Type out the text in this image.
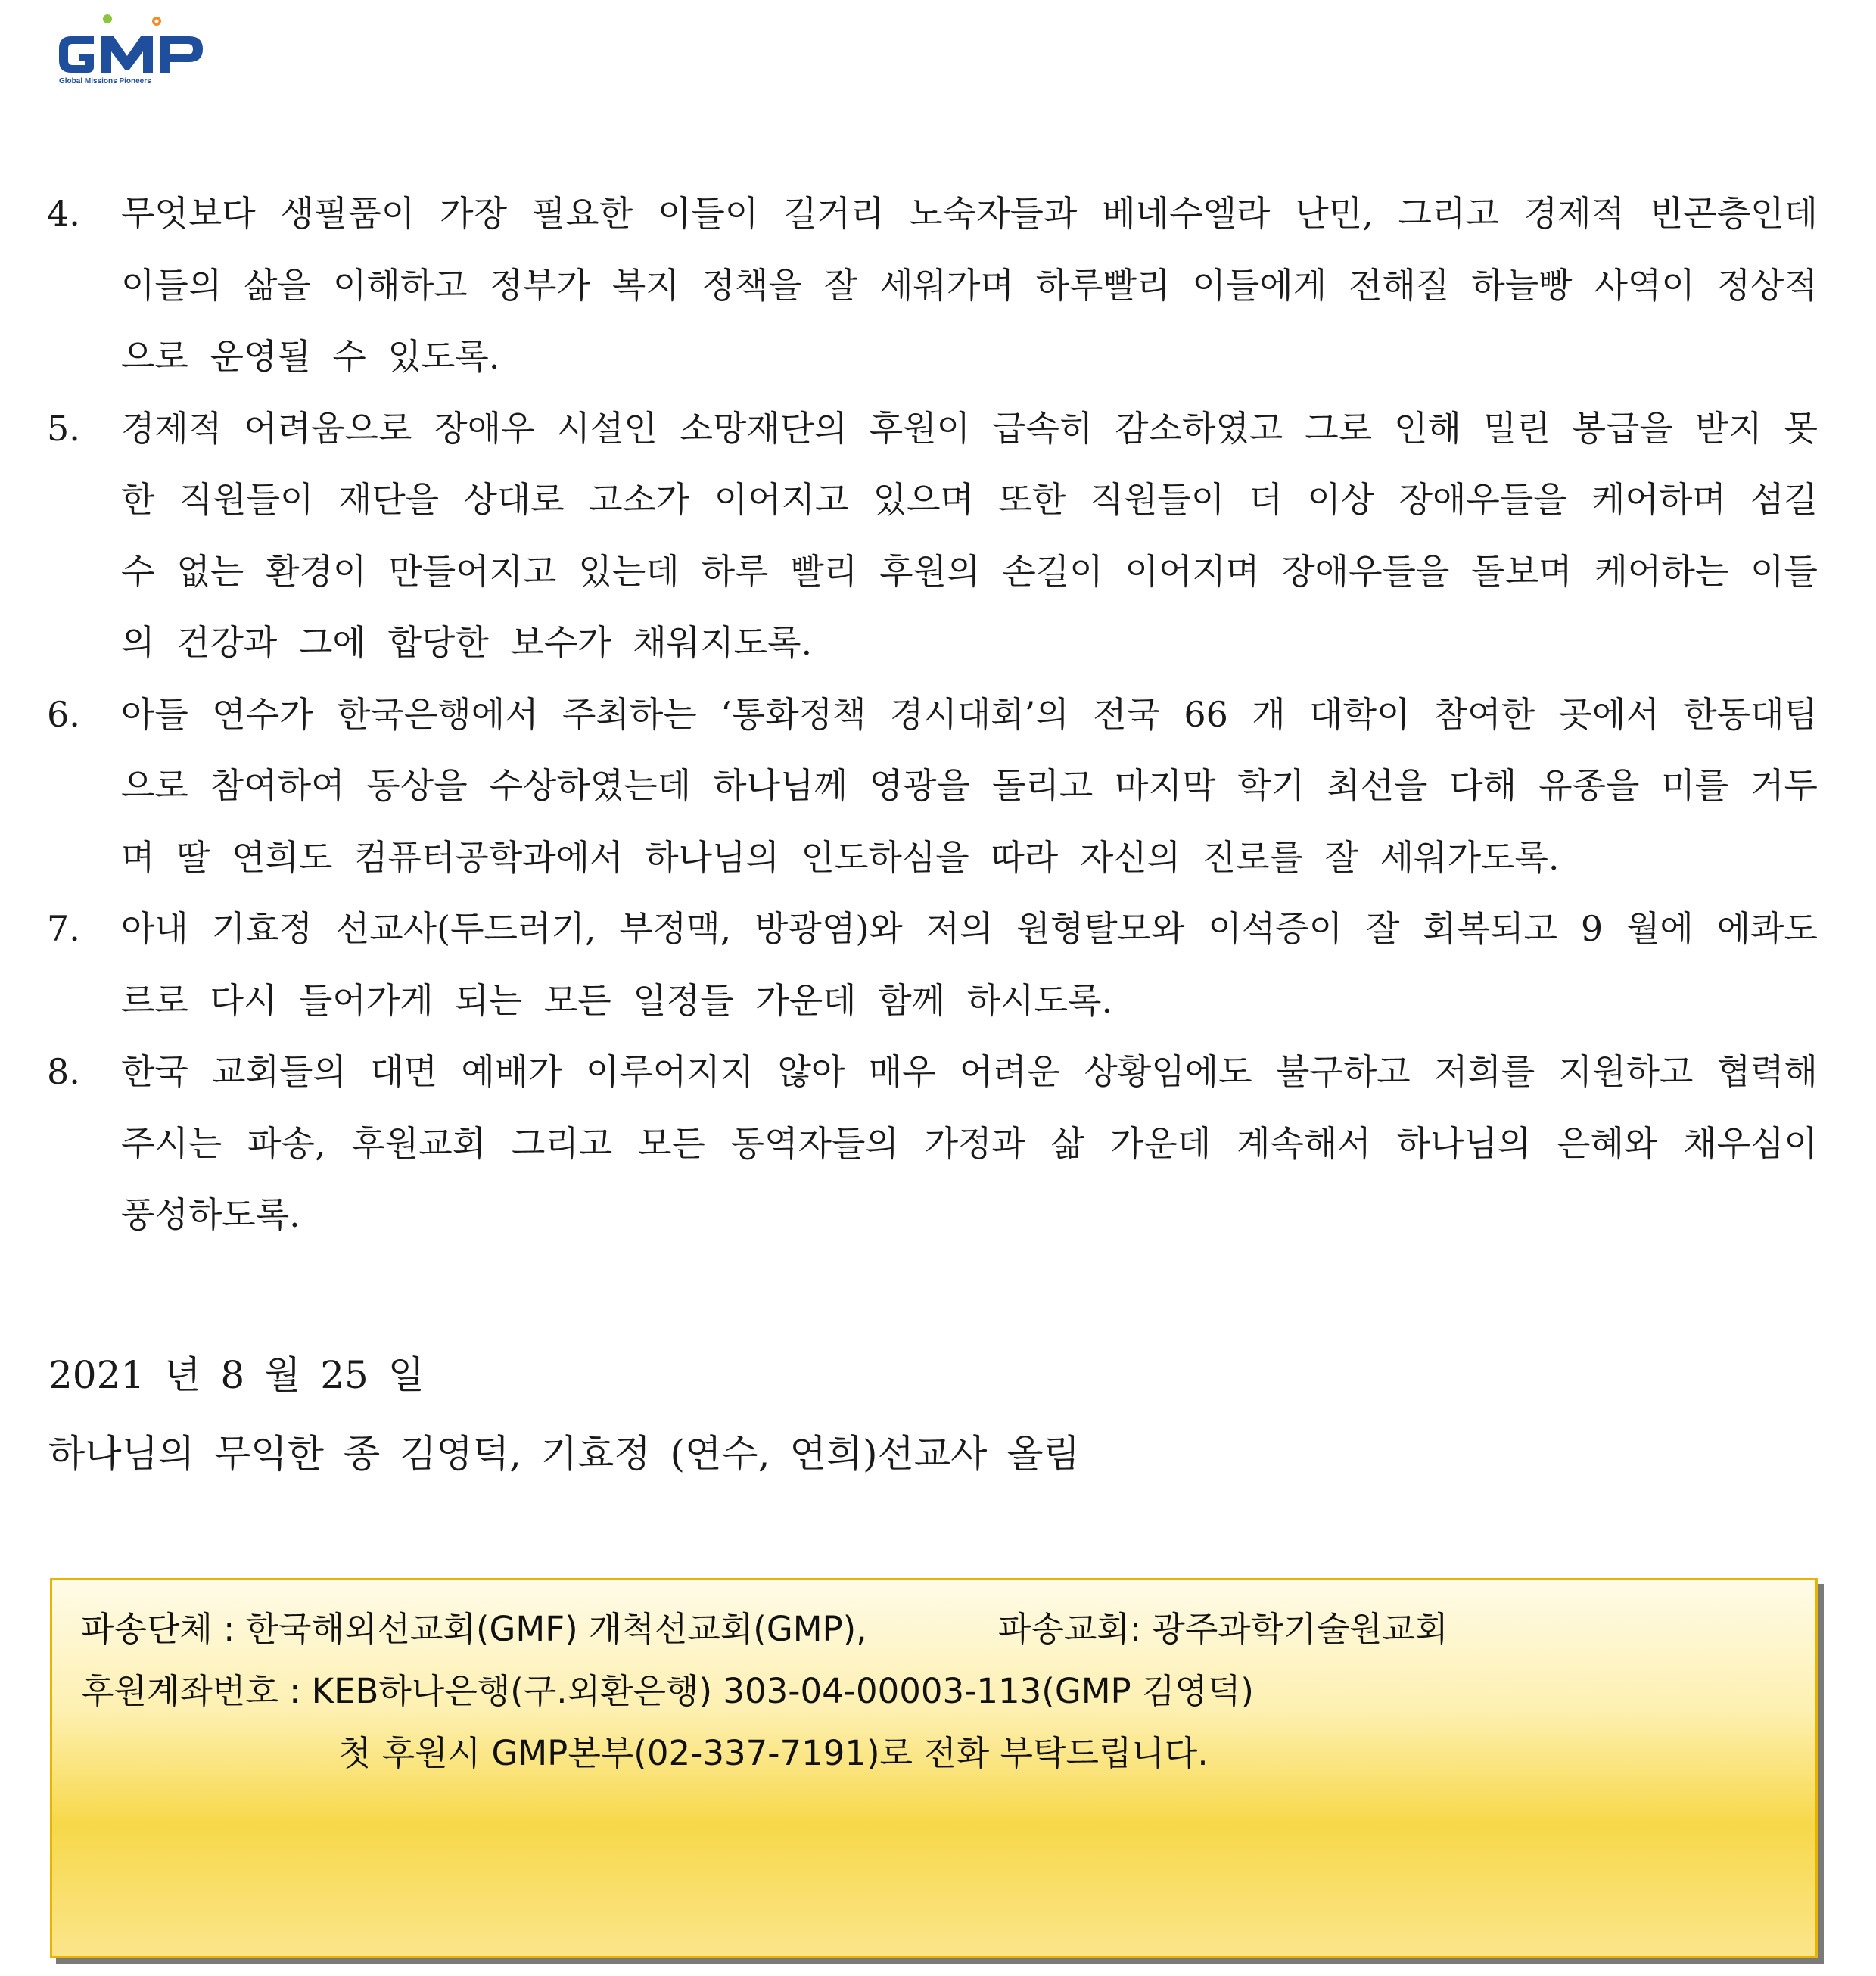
Global Missions Pioneers
4.	무엇보다 생필품이 가장 필요한 이들이 길거리 노숙자들과 베네수엘라 난민, 그리고 경제적 빈곤층인데 이들의 삶을 이해하고 정부가 복지 정책을 잘 세워가며 하루빨리 이들에게 전해질 하늘빵 사역이 정상적으로 운영될 수 있도록.
5.	경제적 어려움으로 장애우 시설인 소망재단의 후원이 급속히 감소하였고 그로 인해 밀린 봉급을 받지 못한 직원들이 재단을 상대로 고소가 이어지고 있으며 또한 직원들이 더 이상 장애우들을 케어하며 섬길 수 없는 환경이 만들어지고 있는데 하루 빨리 후원의 손길이 이어지며 장애우들을 돌보며 케어하는 이들의 건강과 그에 합당한 보수가 채워지도록.
6.	아들 연수가 한국은행에서 주최하는 ‘통화정책 경시대회’의 전국 66 개 대학이 참여한 곳에서 한동대팀으로 참여하여 동상을 수상하였는데 하나님께 영광을 돌리고 마지막 학기 최선을 다해 유종을 미를 거두며 딸 연희도 컴퓨터공학과에서 하나님의 인도하심을 따라 자신의 진로를 잘 세워가도록.
7.	아내 기효정 선교사(두드러기, 부정맥, 방광염)와 저의 원형탈모와 이석증이 잘 회복되고 9 월에 에콰도르로 다시 들어가게 되는 모든 일정들 가운데 함께 하시도록.
8.	한국 교회들의 대면 예배가 이루어지지 않아 매우 어려운 상황임에도 불구하고 저희를 지원하고 협력해 주시는 파송, 후원교회 그리고 모든 동역자들의 가정과 삶 가운데 계속해서 하나님의 은혜와 채우심이 풍성하도록.
2021 년 8 월 25 일
하나님의 무익한 종 김영덕, 기효정 (연수, 연희)선교사 올림
파송단체 : 한국해외선교회(GMF) 개척선교회(GMP),	파송교회: 광주과학기술원교회
후원계좌번호 : KEB하나은행(구.외환은행) 303-04-00003-113(GMP 김영덕)
첫 후원시 GMP본부(02-337-7191)로 전화 부탁드립니다.
